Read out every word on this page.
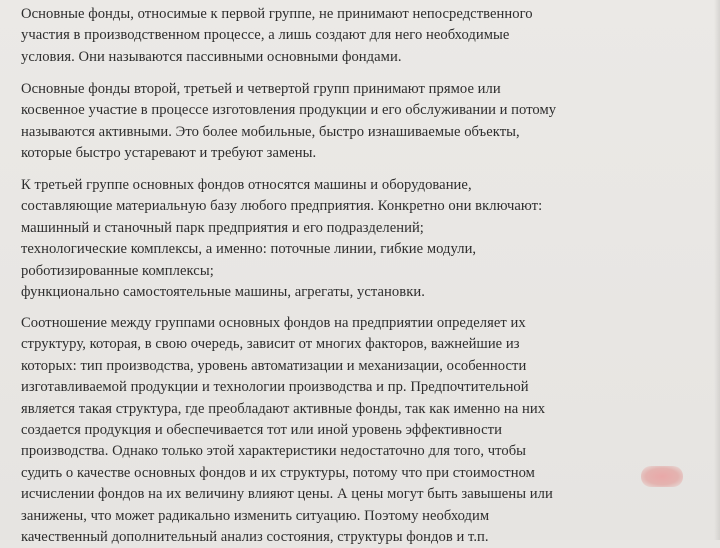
Основные фонды, относимые к первой группе, не принимают непосредственного
участия в производственном процессе, а лишь создают для него необходимые
условия. Они называются пассивными основными фондами.
Основные фонды второй, третьей и четвертой групп принимают прямое или
косвенное участие в процессе изготовления продукции и его обслуживании и потому
называются активными. Это более мобильные, быстро изнашиваемые объекты,
которые быстро устаревают и требуют замены.
К третьей группе основных фондов относятся машины и оборудование,
составляющие материальную базу любого предприятия. Конкретно они включают:
машинный и станочный парк предприятия и его подразделений;
технологические комплексы, а именно: поточные линии, гибкие модули,
роботизированные комплексы;
функционально самостоятельные машины, агрегаты, установки.
Соотношение между группами основных фондов на предприятии определяет их
структуру, которая, в свою очередь, зависит от многих факторов, важнейшие из
которых: тип производства, уровень автоматизации и механизации, особенности
изготавливаемой продукции и технологии производства и пр. Предпочтительной
является такая структура, где преобладают активные фонды, так как именно на них
создается продукция и обеспечивается тот или иной уровень эффективности
производства. Однако только этой характеристики недостаточно для того, чтобы
судить о качестве основных фондов и их структуры, потому что при стоимостном
исчислении фондов на их величину влияют цены. А цены могут быть завышены или
занижены, что может радикально изменить ситуацию. Поэтому необходим
качественный дополнительный анализ состояния, структуры фондов и т.п.
